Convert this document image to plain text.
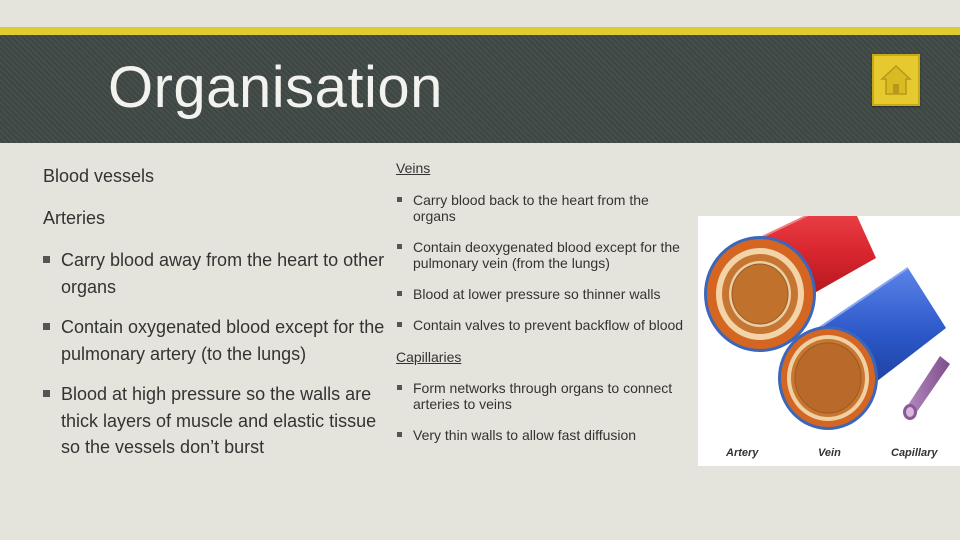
Organisation
Blood vessels
Arteries
Carry blood away from the heart to other organs
Contain oxygenated blood except for the pulmonary artery (to the lungs)
Blood at high pressure so the walls are thick layers of muscle and elastic tissue so the vessels don’t burst
Veins
Carry blood back to the heart from the organs
Contain deoxygenated blood except for the pulmonary vein (from the lungs)
Blood at lower pressure so thinner walls
Contain valves to prevent backflow of blood
Capillaries
Form networks through organs to connect arteries to veins
Very thin walls to allow fast diffusion
Artery	Vein	Capillary
